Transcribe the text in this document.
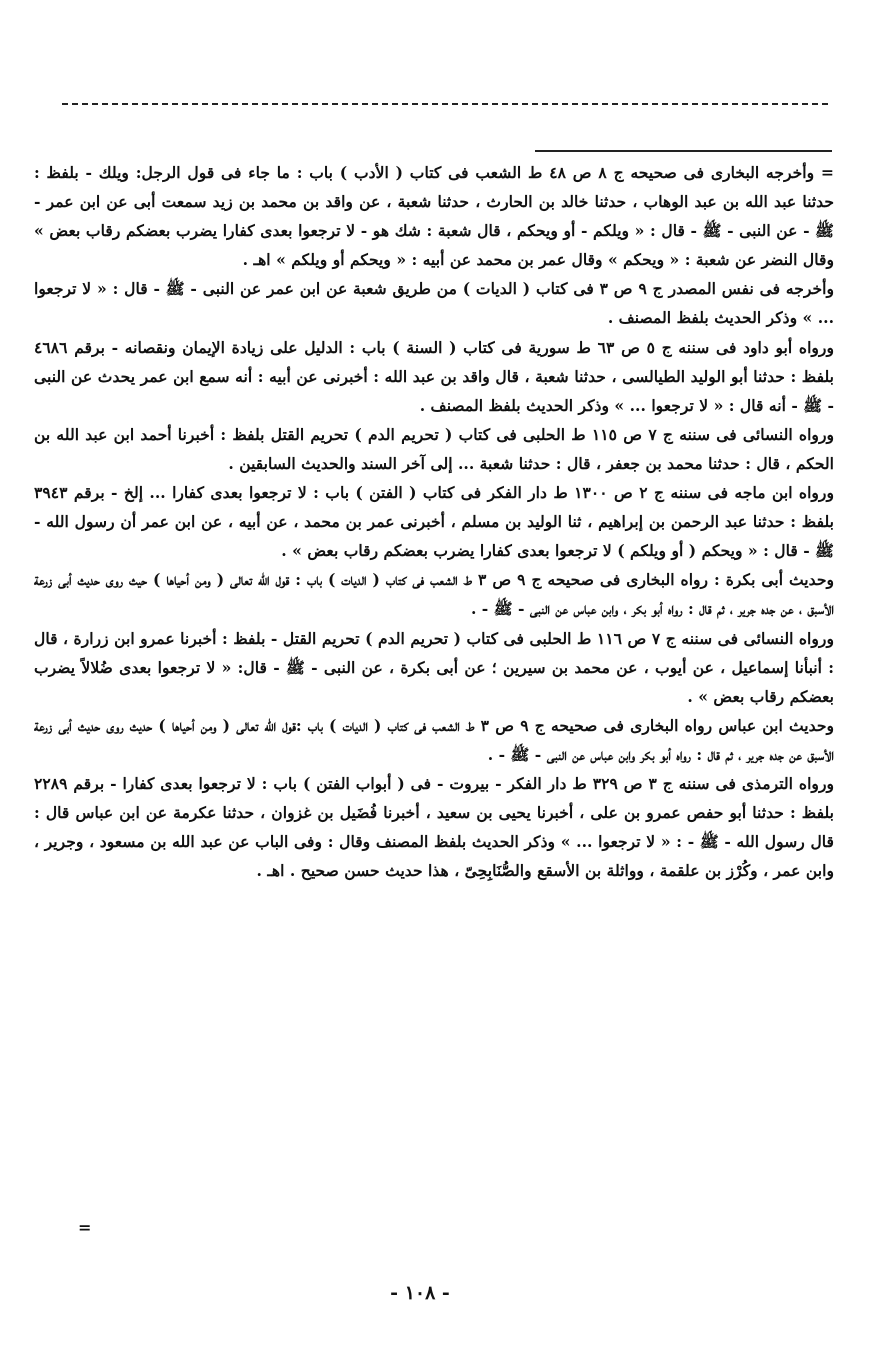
= وأخرجه البخارى فى صحيحه ج ٨ ص ٤٨ ط الشعب فى كتاب ( الأدب ) باب : ما جاء فى قول الرجل: ويلك - بلفظ : حدثنا عبد الله بن عبد الوهاب ، حدثنا خالد بن الحارث ، حدثنا شعبة ، عن واقد بن محمد بن زيد سمعت أبى عن ابن عمر - ﷺ - عن النبى - ﷺ - قال : « ويلكم - أو ويحكم ، قال شعبة : شك هو - لا ترجعوا بعدى كفارا يضرب بعضكم رقاب بعض » وقال النضر عن شعبة : « ويحكم » وقال عمر بن محمد عن أبيه : « ويحكم أو ويلكم » اهـ .

وأخرجه فى نفس المصدر ج ٩ ص ٣ فى كتاب ( الديات ) من طريق شعبة عن ابن عمر عن النبى - ﷺ - قال : « لا ترجعوا ... » وذكر الحديث بلفظ المصنف .

ورواه أبو داود فى سننه ج ٥ ص ٦٣ ط سورية فى كتاب ( السنة ) باب : الدليل على زيادة الإيمان ونقصانه - برقم ٤٦٨٦ بلفظ : حدثنا أبو الوليد الطيالسى ، حدثنا شعبة ، قال واقد بن عبد الله : أخبرنى عن أبيه : أنه سمع ابن عمر يحدث عن النبى - ﷺ - أنه قال : « لا ترجعوا ... » وذكر الحديث بلفظ المصنف .

ورواه النسائى فى سننه ج ٧ ص ١١٥ ط الحلبى فى كتاب ( تحريم الدم ) تحريم القتل بلفظ : أخبرنا أحمد ابن عبد الله بن الحكم ، قال : حدثنا محمد بن جعفر ، قال : حدثنا شعبة ... إلى آخر السند والحديث السابقين .

ورواه ابن ماجه فى سننه ج ٢ ص ١٣٠٠ ط دار الفكر فى كتاب ( الفتن ) باب : لا ترجعوا بعدى كفارا ... إلخ - برقم ٣٩٤٣ بلفظ : حدثنا عبد الرحمن بن إبراهيم ، ثنا الوليد بن مسلم ، أخبرنى عمر بن محمد ، عن أبيه ، عن ابن عمر أن رسول الله - ﷺ - قال : « ويحكم ( أو ويلكم ) لا ترجعوا بعدى كفارا يضرب بعضكم رقاب بعض » .

وحديث أبى بكرة : رواه البخارى فى صحيحه ج ٩ ص ٣ ط الشعب فى كتاب ( الديات ) باب : قول الله تعالى ( ومن أحياها ) حيث روى حديث أبى زرعة الأسبق ، عن جده جرير ، ثم قال : رواه أبو بكر ، وابن عباس عن النبى - ﷺ - .

ورواه النسائى فى سننه ج ٧ ص ١١٦ ط الحلبى فى كتاب ( تحريم الدم ) تحريم القتل - بلفظ : أخبرنا عمرو ابن زرارة ، قال : أنبأنا إسماعيل ، عن أيوب ، عن محمد بن سيرين ؛ عن أبى بكرة ، عن النبى - ﷺ - قال: « لا ترجعوا بعدى ضُلالاً يضرب بعضكم رقاب بعض » .

وحديث ابن عباس رواه البخارى فى صحيحه ج ٩ ص ٣ ط الشعب فى كتاب ( الديات ) باب :قول الله تعالى ( ومن أحياها ) حديث روى حديث أبى زرعة الأسبق عن جده جرير ، ثم قال : رواه أبو بكر وابن عباس عن النبى - ﷺ - .

ورواه الترمذى فى سننه ج ٣ ص ٣٢٩ ط دار الفكر - بيروت - فى ( أبواب الفتن ) باب : لا ترجعوا بعدى كفارا - برقم ٢٢٨٩ بلفظ : حدثنا أبو حفص عمرو بن على ، أخبرنا يحيى بن سعيد ، أخبرنا فُضَيل بن غزوان ، حدثنا عكرمة عن ابن عباس قال : قال رسول الله - ﷺ - : « لا ترجعوا ... » وذكر الحديث بلفظ المصنف وقال : وفى الباب عن عبد الله بن مسعود ، وجرير ، وابن عمر ، وكُرْز بن علقمة ، وواثلة بن الأسقع والصُّنَابِحِىّ ، هذا حديث حسن صحيح . اهـ .

=
- ١٠٨ -
